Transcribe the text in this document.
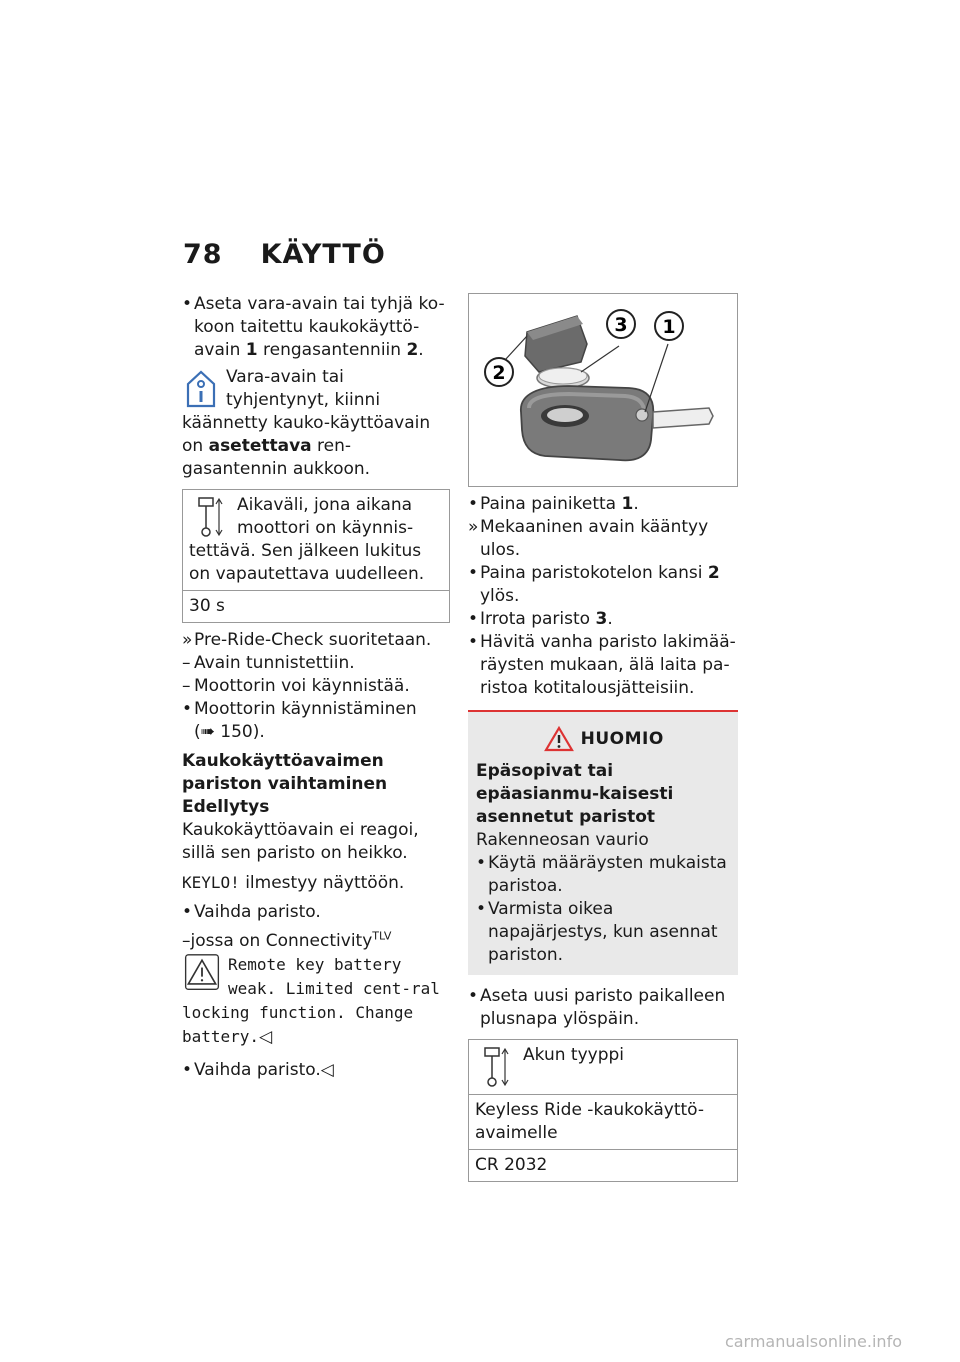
78 KÄYTTÖ
• Aseta vara-avain tai tyhjä ko-koon taitettu kaukokäyttö-avain 1 rengasantenniin 2.
Vara-avain tai tyhjentynyt, kiinni käännetty kauko-käyttöavain on asetettava ren-gasantennin aukkoon.
Aikaväli, jona aikana moottori on käynnis-tettävä. Sen jälkeen lukitus on vapautettava uudelleen.
30 s
» Pre-Ride-Check suoritetaan.
– Avain tunnistettiin.
– Moottorin voi käynnistää.
• Moottorin käynnistäminen
(➠ 150).

Kaukokäyttöavaimen pariston vaihtaminen

Edellytys

Kaukokäyttöavain ei reagoi, sillä sen paristo on heikko.

KEYLO! ilmestyy näyttöön.

• Vaihda paristo.

–jossa on Connectivity$^{TLV}$

Remote key battery weak. Limited cent-ral locking function. Change battery.◁
• Vaihda paristo.◁
2
3 1
• Paina painiketta 1.
» Mekaaninen avain kääntyy ulos.
• Paina paristokotelon kansi 2 ylös.
• Irrota paristo 3.
• Hävitä vanha paristo lakimää-räysten mukaan, älä laita pa-ristoa kotitalousjätteisiin.
HUOMIO

Epäsopivat tai epäasianmu-kaisesti asennetut paristot

Rakenneosan vaurio

• Käytä määräysten mukaista paristoa.
• Varmista oikea napajärjestys, kun asennat pariston.
• Aseta uusi paristo paikalleen plusnapa ylöspäin.
Akun tyyppi
Keyless Ride -kaukokäyttö-avaimelle
CR 2032
carmanualsonline.info
